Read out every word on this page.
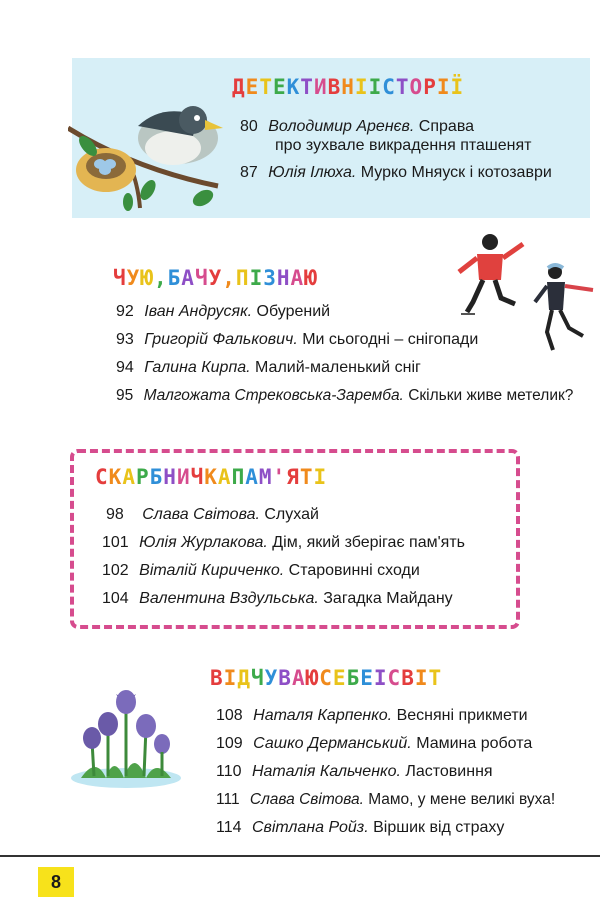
ДЕТЕКТИВНІІСТОРІЇ
80 Володимир Аренєв. Справа
про зухвале викрадення пташенят
87 Юлія Ілюха. Мурко Мняуск і котозаври
ЧУЮ,БАЧУ,ПІЗНАЮ
92 Іван Андрусяк. Обурений
93 Григорій Фалькович. Ми сьогодні – снігопади
94 Галина Кирпа. Малий-маленький сніг
95 Малгожата Стрековська-Заремба. Скільки живе метелик?
СКАРБНИЧКАПАМ'ЯТІ
98 Слава Світова. Слухай
101 Юлія Журлакова. Дім, який зберігає пам'ять
102 Віталій Кириченко. Старовинні сходи
104 Валентина Вздульська. Загадка Майдану
ВІДЧУВАЮСЕБЕІСВІТ
108 Наталя Карпенко. Весняні прикмети
109 Сашко Дерманський. Мамина робота
110 Наталія Кальченко. Ластовиння
111 Слава Світова. Мамо, у мене великі вуха!
114 Світлана Ройз. Віршик від страху
8
